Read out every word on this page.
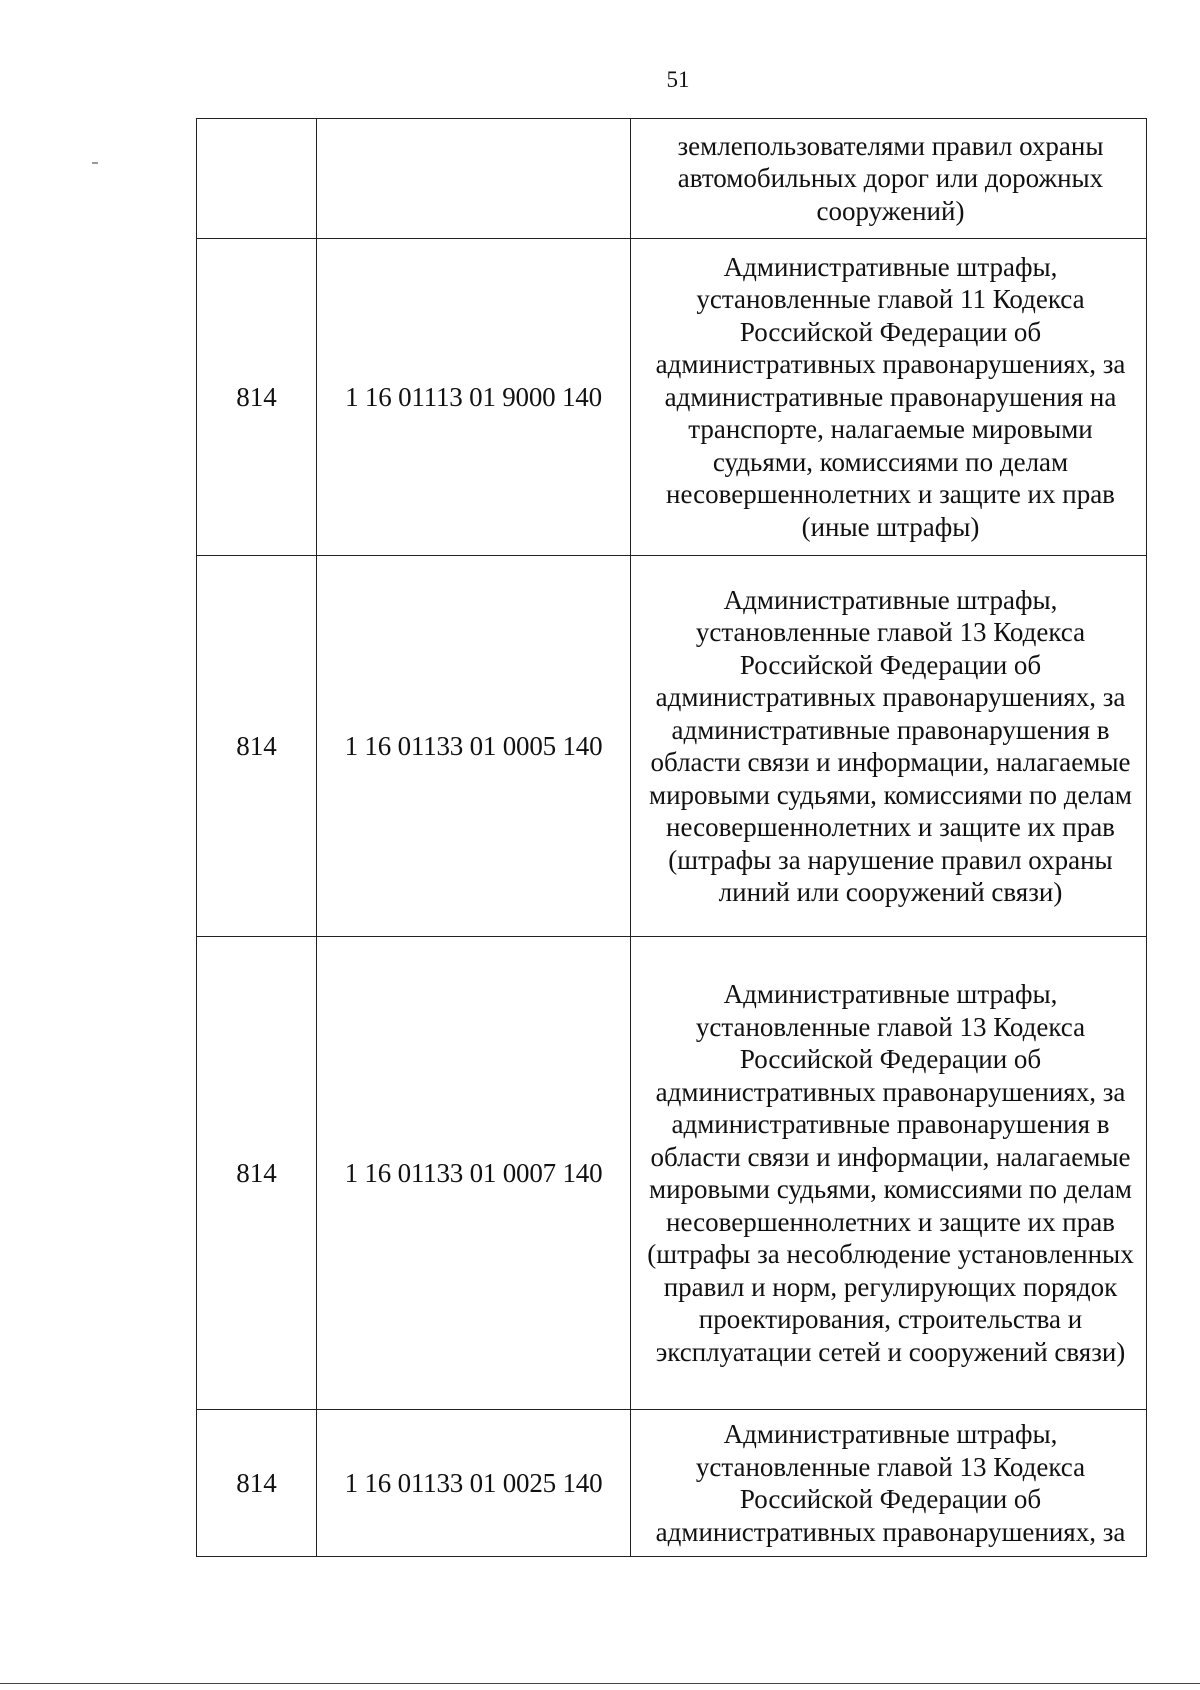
51
		землепользователями правил охраны автомобильных дорог или дорожных сооружений)
814	1 16 01113 01 9000 140	Административные штрафы, установленные главой 11 Кодекса Российской Федерации об административных правонарушениях, за административные правонарушения на транспорте, налагаемые мировыми судьями, комиссиями по делам несовершеннолетних и защите их прав (иные штрафы)
814	1 16 01133 01 0005 140	Административные штрафы, установленные главой 13 Кодекса Российской Федерации об административных правонарушениях, за административные правонарушения в области связи и информации, налагаемые мировыми судьями, комиссиями по делам несовершеннолетних и защите их прав (штрафы за нарушение правил охраны линий или сооружений связи)
814	1 16 01133 01 0007 140	Административные штрафы, установленные главой 13 Кодекса Российской Федерации об административных правонарушениях, за административные правонарушения в области связи и информации, налагаемые мировыми судьями, комиссиями по делам несовершеннолетних и защите их прав (штрафы за несоблюдение установленных правил и норм, регулирующих порядок проектирования, строительства и эксплуатации сетей и сооружений связи)
814	1 16 01133 01 0025 140	Административные штрафы, установленные главой 13 Кодекса Российской Федерации об административных правонарушениях, за
